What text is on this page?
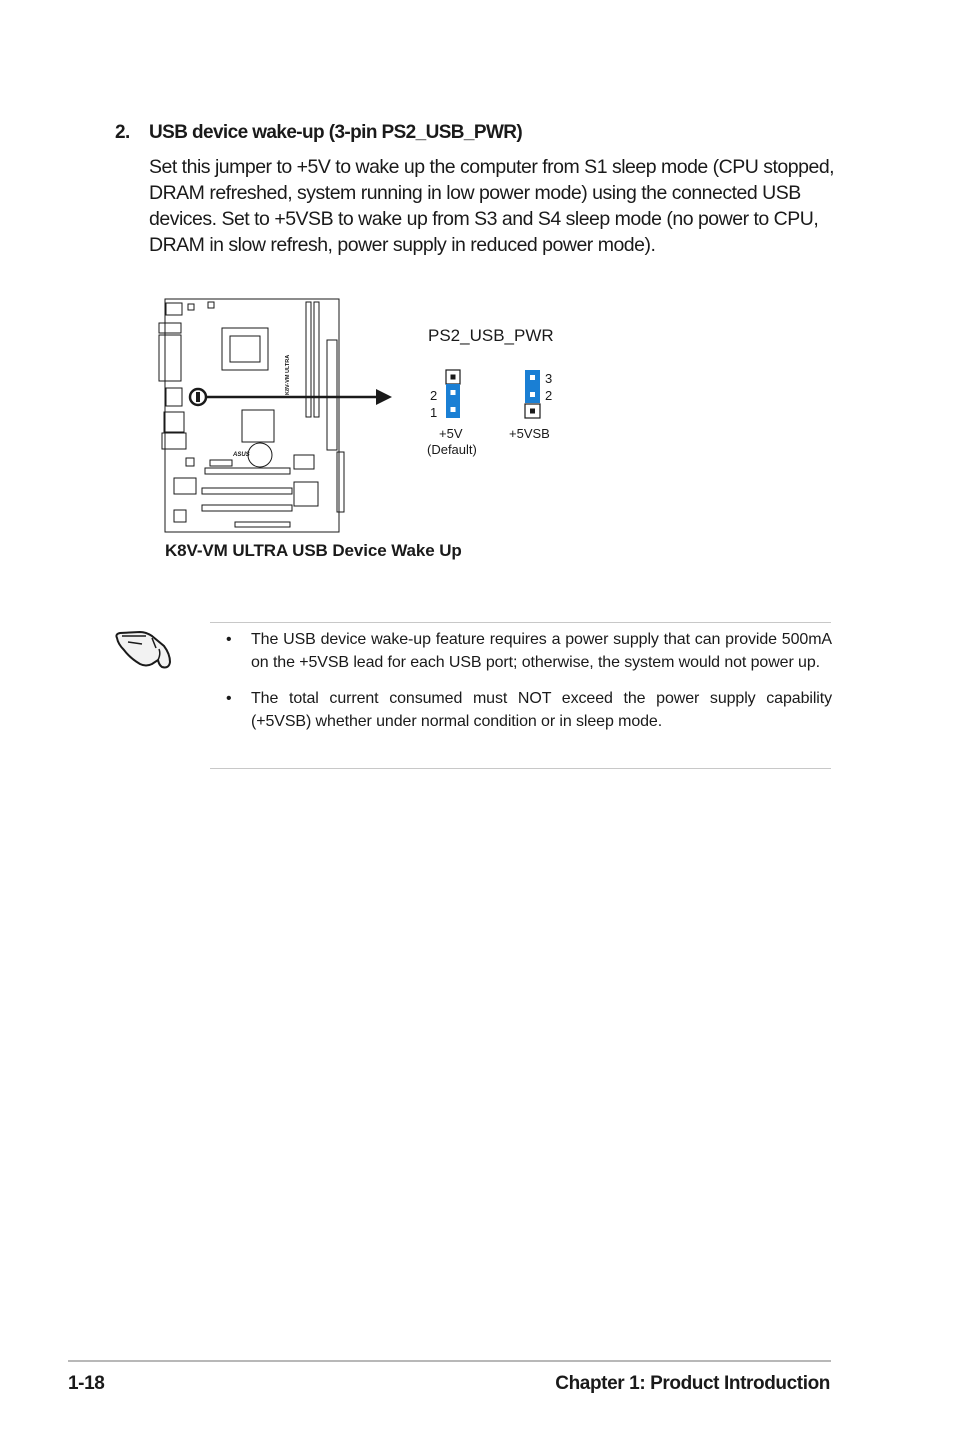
2. USB device wake-up (3-pin PS2_USB_PWR)
Set this jumper to +5V to wake up the computer from S1 sleep mode (CPU stopped, DRAM refreshed, system running in low power mode) using the connected USB devices. Set to +5VSB to wake up from S3 and S4 sleep mode (no power to CPU, DRAM in slow refresh, power supply in reduced power mode).
K8V-VM ULTRA
ASUS
PS2_USB_PWR
2
1
+5V
(Default)
3
2
+5VSB
K8V-VM ULTRA USB Device Wake Up
•	The USB device wake-up feature requires a power supply that can provide 500mA on the +5VSB lead for each USB port; otherwise, the system would not power up.
•	The total current consumed must NOT exceed the power supply capability (+5VSB) whether under normal condition or in sleep mode.
1-18	Chapter 1: Product Introduction
